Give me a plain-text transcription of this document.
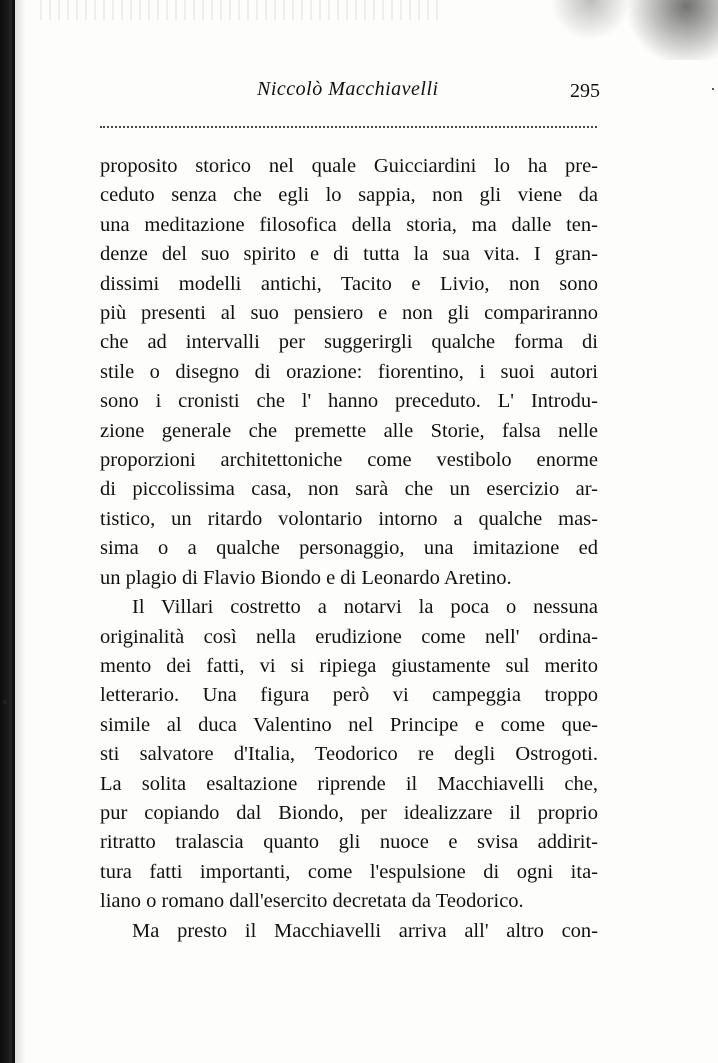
Niccolò Macchiavelli	295

proposito storico nel quale Guicciardini lo ha pre-
ceduto senza che egli lo sappia, non gli viene da
una meditazione filosofica della storia, ma dalle ten-
denze del suo spirito e di tutta la sua vita. I gran-
dissimi modelli antichi, Tacito e Livio, non sono
più presenti al suo pensiero e non gli compariranno
che ad intervalli per suggerirgli qualche forma di
stile o disegno di orazione: fiorentino, i suoi autori
sono i cronisti che l' hanno preceduto. L' Introdu-
zione generale che premette alle Storie, falsa nelle
proporzioni architettoniche come vestibolo enorme
di piccolissima casa, non sarà che un esercizio ar-
tistico, un ritardo volontario intorno a qualche mas-
sima o a qualche personaggio, una imitazione ed
un plagio di Flavio Biondo e di Leonardo Aretino.

Il Villari costretto a notarvi la poca o nessuna
originalità così nella erudizione come nell' ordina-
mento dei fatti, vi si ripiega giustamente sul merito
letterario. Una figura però vi campeggia troppo
simile al duca Valentino nel Principe e come que-
sti salvatore d'Italia, Teodorico re degli Ostrogoti.
La solita esaltazione riprende il Macchiavelli che,
pur copiando dal Biondo, per idealizzare il proprio
ritratto tralascia quanto gli nuoce e svisa addirit-
tura fatti importanti, come l'espulsione di ogni ita-
liano o romano dall'esercito decretata da Teodorico.

Ma presto il Macchiavelli arriva all' altro con-
